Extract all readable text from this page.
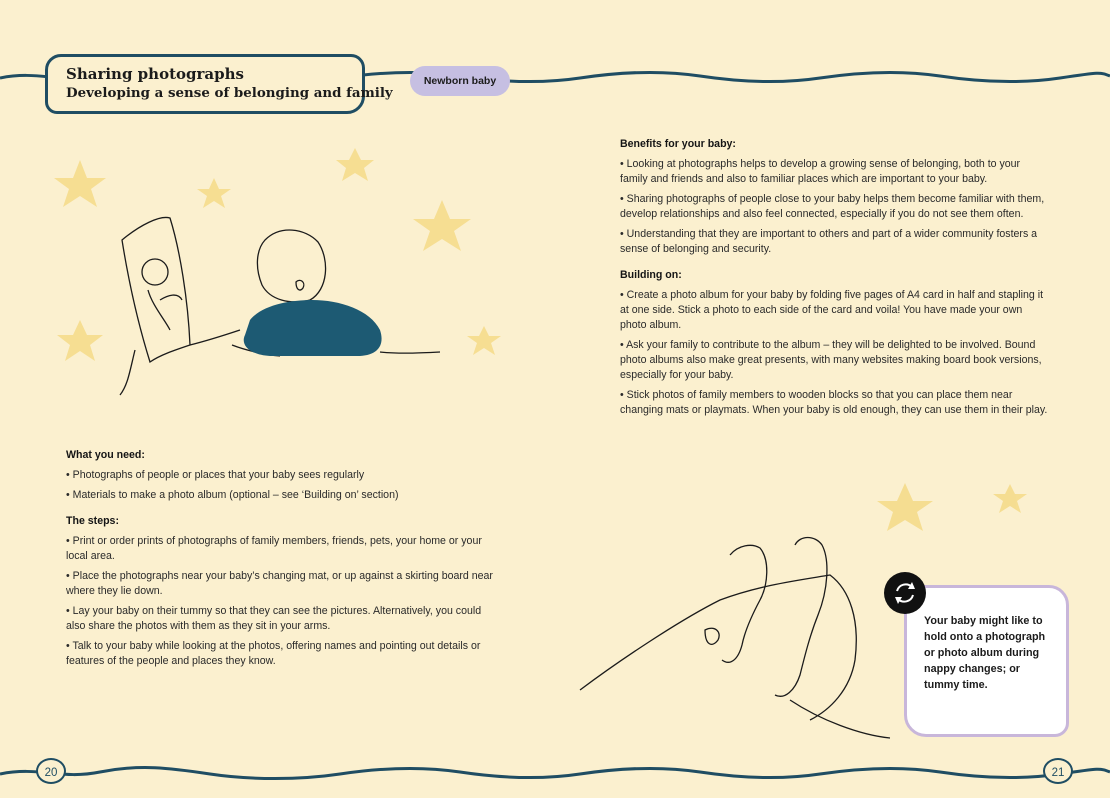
Sharing photographs
Developing a sense of belonging and family
Newborn baby
What you need:

• Photographs of people or places that your baby sees regularly

• Materials to make a photo album (optional – see ‘Building on’ section)

The steps:

• Print or order prints of photographs of family members, friends, pets, your home or your local area.

• Place the photographs near your baby’s changing mat, or up against a skirting board near where they lie down.

• Lay your baby on their tummy so that they can see the pictures. Alternatively, you could also share the photos with them as they sit in your arms.

• Talk to your baby while looking at the photos, offering names and pointing out details or features of the people and places they know.

Benefits for your baby:

• Looking at photographs helps to develop a growing sense of belonging, both to your family and friends and also to familiar places which are important to your baby.

• Sharing photographs of people close to your baby helps them become familiar with them, develop relationships and also feel connected, especially if you do not see them often.

• Understanding that they are important to others and part of a wider community fosters a sense of belonging and security.

Building on:

• Create a photo album for your baby by folding five pages of A4 card in half and stapling it at one side. Stick a photo to each side of the card and voila! You have made your own photo album.

• Ask your family to contribute to the album – they will be delighted to be involved. Bound photo albums also make great presents, with many websites making board book versions, especially for your baby.

• Stick photos of family members to wooden blocks so that you can place them near changing mats or playmats. When your baby is old enough, they can use them in their play.

Your baby might like to hold onto a photograph or photo album during nappy changes; or tummy time.
20	21
